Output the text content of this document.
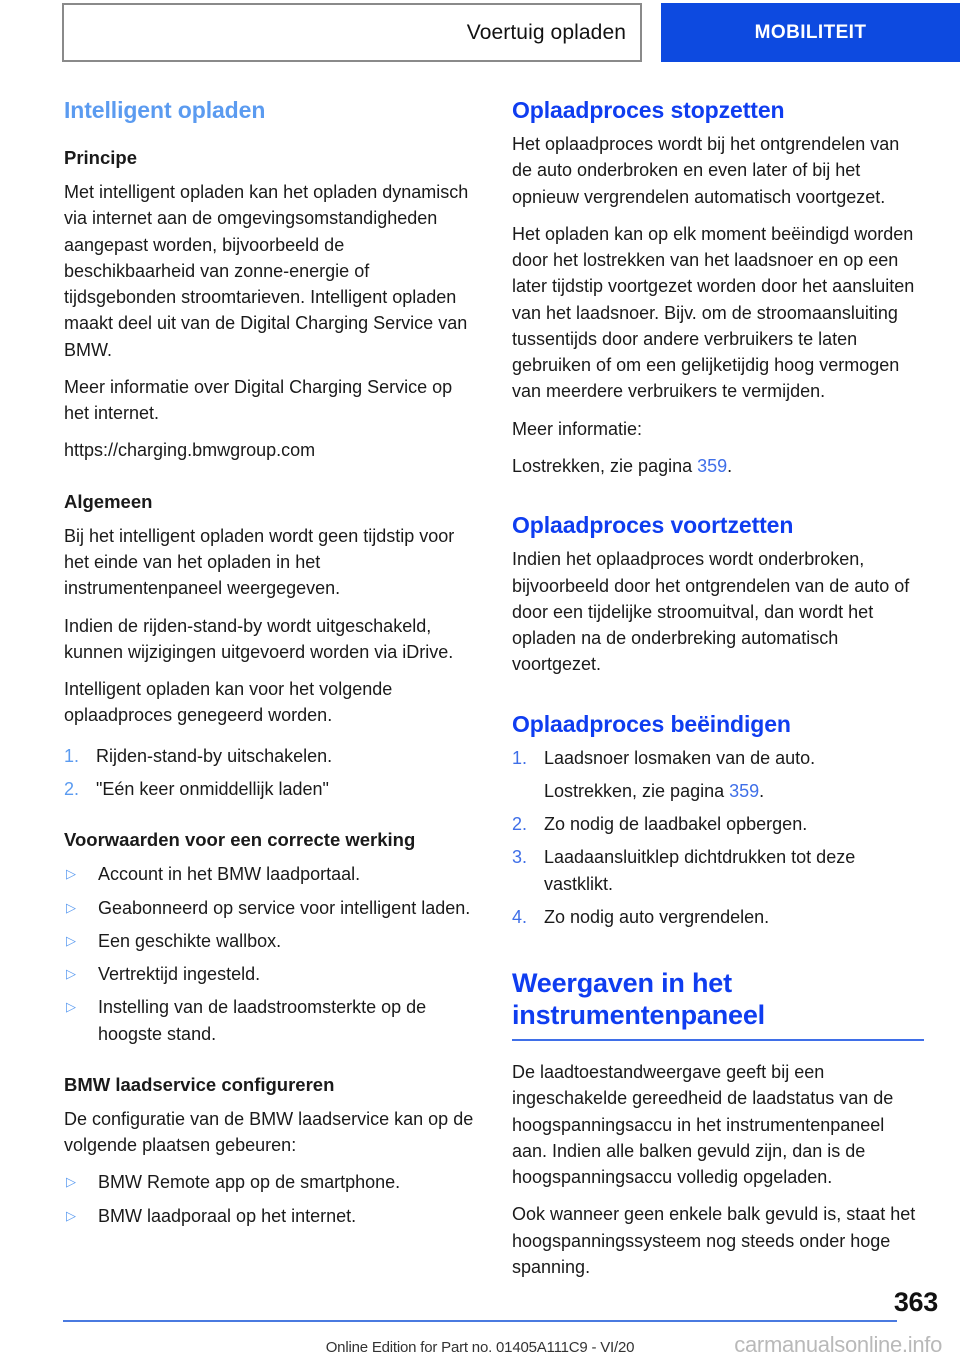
Voertuig opladen	MOBILITEIT
Intelligent opladen
Principe

Met intelligent opladen kan het opladen dynamisch via internet aan de omgevingsomstandigheden aangepast worden, bijvoorbeeld de beschikbaarheid van zonne-energie of tijdsgebonden stroomtarieven. Intelligent opladen maakt deel uit van de Digital Charging Service van BMW.

Meer informatie over Digital Charging Service op het internet.

https://charging.bmwgroup.com

Algemeen

Bij het intelligent opladen wordt geen tijdstip voor het einde van het opladen in het instrumentenpaneel weergegeven.

Indien de rijden-stand-by wordt uitgeschakeld, kunnen wijzigingen uitgevoerd worden via iDrive.

Intelligent opladen kan voor het volgende oplaadproces genegeerd worden.

1. Rijden-stand-by uitschakelen.
2. "Eén keer onmiddellijk laden"
Voorwaarden voor een correcte werking
▷	Account in het BMW laadportaal.
▷	Geabonneerd op service voor intelligent laden.
▷	Een geschikte wallbox.
▷	Vertrektijd ingesteld.
▷	Instelling van de laadstroomsterkte op de hoogste stand.
BMW laadservice configureren

De configuratie van de BMW laadservice kan op de volgende plaatsen gebeuren:

▷	BMW Remote app op de smartphone.
▷	BMW laadporaal op het internet.
Oplaadproces stopzetten

Het oplaadproces wordt bij het ontgrendelen van de auto onderbroken en even later of bij het opnieuw vergrendelen automatisch voortgezet.

Het opladen kan op elk moment beëindigd worden door het lostrekken van het laadsnoer en op een later tijdstip voortgezet worden door het aansluiten van het laadsnoer. Bijv. om de stroomaansluiting tussentijds door andere verbruikers te laten gebruiken of om een gelijketijdig hoog vermogen van meerdere verbruikers te vermijden.

Meer informatie:

Lostrekken, zie pagina 359.

Oplaadproces voortzetten

Indien het oplaadproces wordt onderbroken, bijvoorbeeld door het ontgrendelen van de auto of door een tijdelijke stroomuitval, dan wordt het opladen na de onderbreking automatisch voortgezet.

Oplaadproces beëindigen
1. Laadsnoer losmaken van de auto.
Lostrekken, zie pagina 359.
2. Zo nodig de laadbakel opbergen.
3. Laadaansluitklep dichtdrukken tot deze vastklikt.
4. Zo nodig auto vergrendelen.
Weergaven in het instrumentenpaneel

De laadtoestandweergave geeft bij een ingeschakelde gereedheid de laadstatus van de hoogspanningsaccu in het instrumentenpaneel aan. Indien alle balken gevuld zijn, dan is de hoogspanningsaccu volledig opgeladen.

Ook wanneer geen enkele balk gevuld is, staat het hoogspanningssysteem nog steeds onder hoge spanning.

363
Online Edition for Part no. 01405A111C9 - VI/20	carmanualsonline.info
